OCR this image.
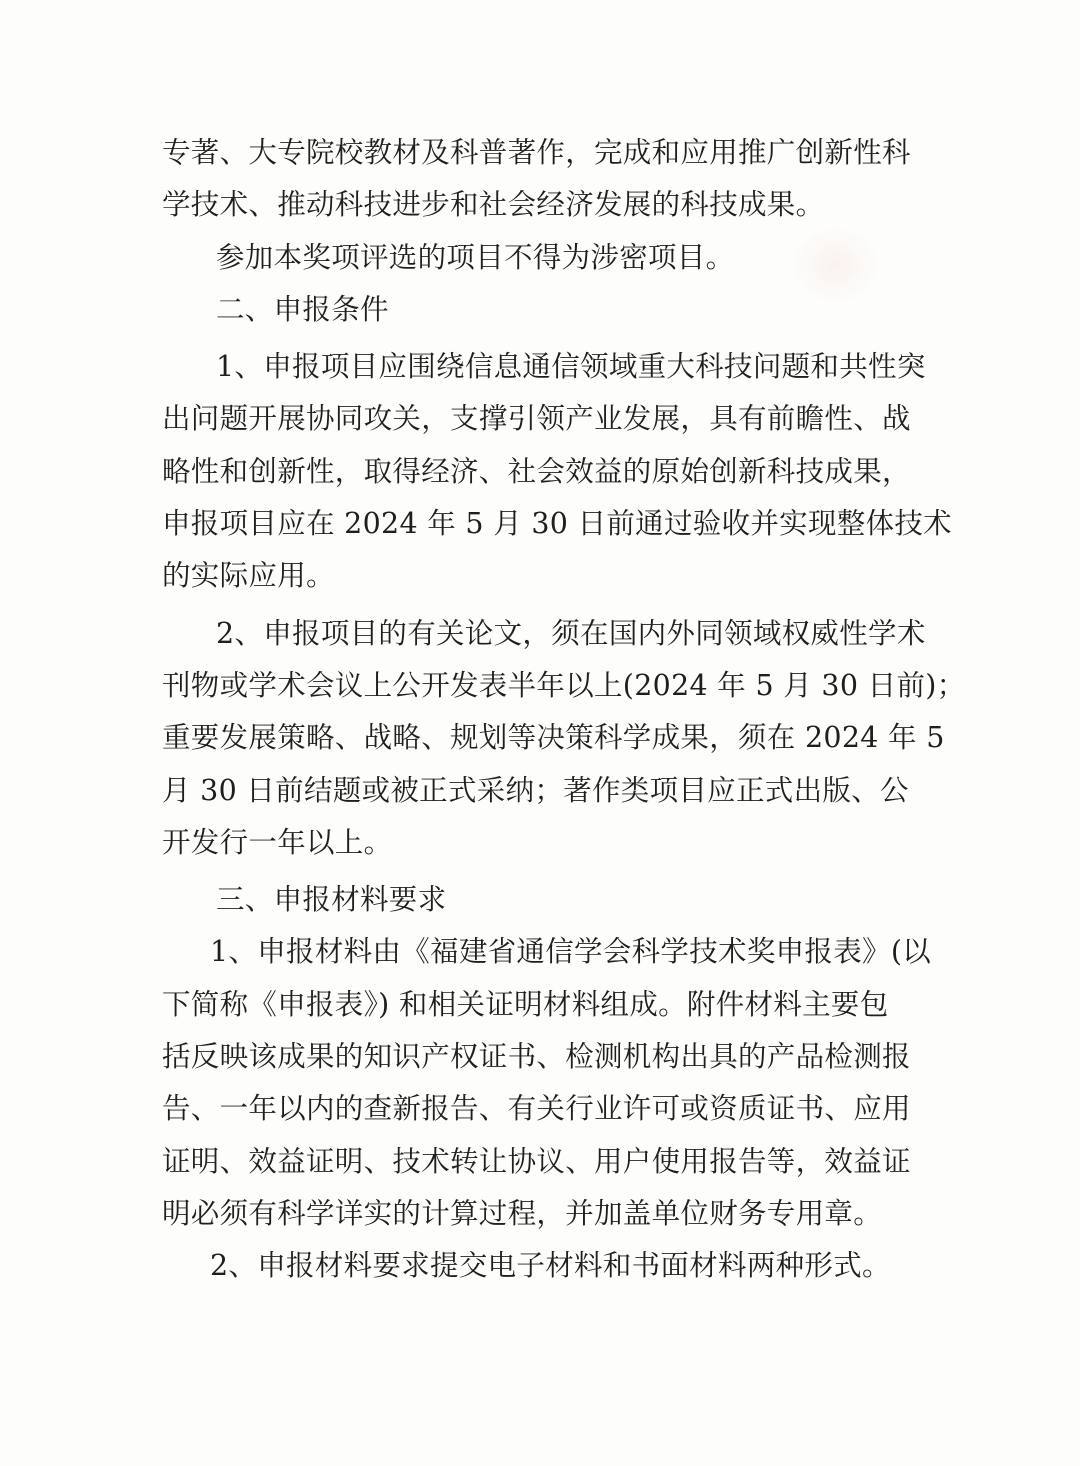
专著、大专院校教材及科普著作，完成和应用推广创新性科
学技术、推动科技进步和社会经济发展的科技成果。
参加本奖项评选的项目不得为涉密项目。
二、申报条件
1、申报项目应围绕信息通信领域重大科技问题和共性突
出问题开展协同攻关，支撑引领产业发展，具有前瞻性、战
略性和创新性，取得经济、社会效益的原始创新科技成果，
申报项目应在 2024 年 5 月 30 日前通过验收并实现整体技术
的实际应用。
2、申报项目的有关论文，须在国内外同领域权威性学术
刊物或学术会议上公开发表半年以上(2024 年 5 月 30 日前)；
重要发展策略、战略、规划等决策科学成果，须在 2024 年 5
月 30 日前结题或被正式采纳；著作类项目应正式出版、公
开发行一年以上。
三、申报材料要求
1、申报材料由《福建省通信学会科学技术奖申报表》(以
下简称《申报表》) 和相关证明材料组成。附件材料主要包
括反映该成果的知识产权证书、检测机构出具的产品检测报
告、一年以内的查新报告、有关行业许可或资质证书、应用
证明、效益证明、技术转让协议、用户使用报告等，效益证
明必须有科学详实的计算过程，并加盖单位财务专用章。
2、申报材料要求提交电子材料和书面材料两种形式。
